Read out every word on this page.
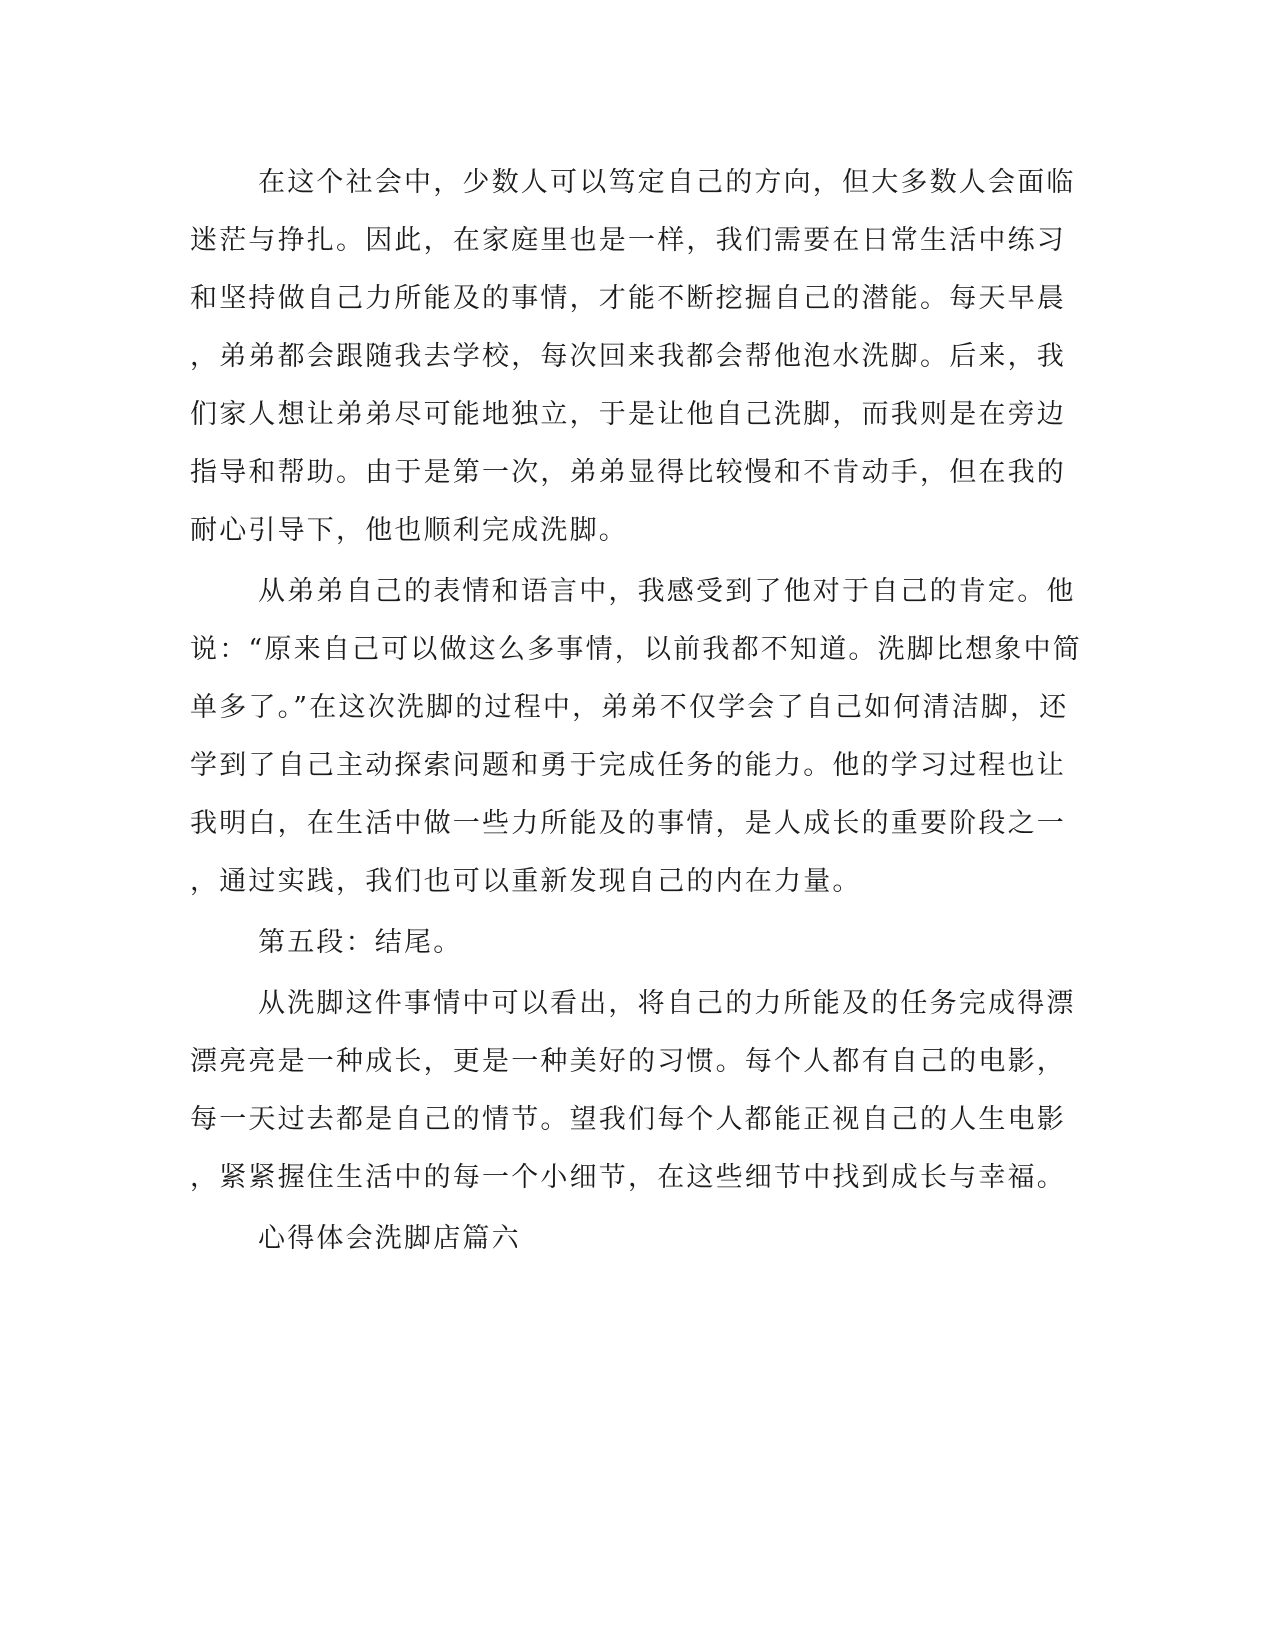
在这个社会中，少数人可以笃定自己的方向，但大多数人会面临
迷茫与挣扎。因此，在家庭里也是一样，我们需要在日常生活中练习
和坚持做自己力所能及的事情，才能不断挖掘自己的潜能。每天早晨
，弟弟都会跟随我去学校，每次回来我都会帮他泡水洗脚。后来，我
们家人想让弟弟尽可能地独立，于是让他自己洗脚，而我则是在旁边
指导和帮助。由于是第一次，弟弟显得比较慢和不肯动手，但在我的
耐心引导下，他也顺利完成洗脚。
从弟弟自己的表情和语言中，我感受到了他对于自己的肯定。他
说：“原来自己可以做这么多事情，以前我都不知道。洗脚比想象中简
单多了。”在这次洗脚的过程中，弟弟不仅学会了自己如何清洁脚，还
学到了自己主动探索问题和勇于完成任务的能力。他的学习过程也让
我明白，在生活中做一些力所能及的事情，是人成长的重要阶段之一
，通过实践，我们也可以重新发现自己的内在力量。
第五段：结尾。
从洗脚这件事情中可以看出，将自己的力所能及的任务完成得漂
漂亮亮是一种成长，更是一种美好的习惯。每个人都有自己的电影，
每一天过去都是自己的情节。望我们每个人都能正视自己的人生电影
，紧紧握住生活中的每一个小细节，在这些细节中找到成长与幸福。
心得体会洗脚店篇六
